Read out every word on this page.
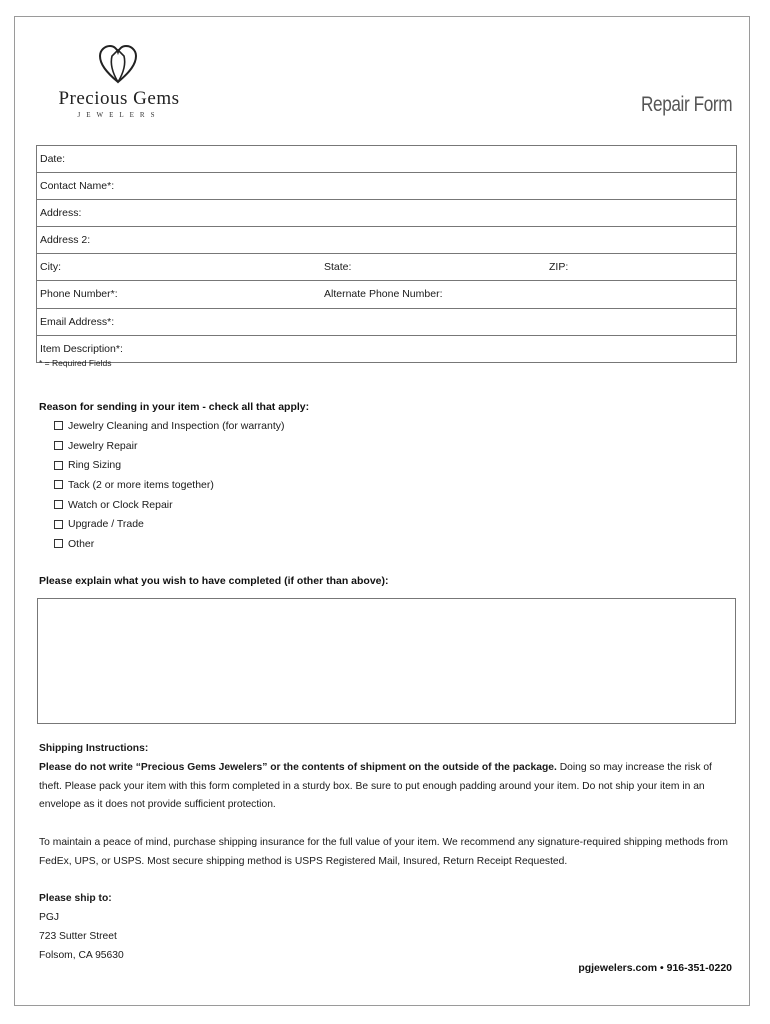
Precious Gems
JEWELERS	Repair Form
Date:
Contact Name*:
Address:
Address 2:
City:	State:	ZIP:
Phone Number*:	Alternate Phone Number:
Email Address*:
Item Description*:
* = Required Fields
Reason for sending in your item - check all that apply:
Jewelry Cleaning and Inspection (for warranty)
Jewelry Repair
Ring Sizing
Tack (2 or more items together)
Watch or Clock Repair
Upgrade / Trade
Other
Please explain what you wish to have completed (if other than above):

Shipping Instructions:

Please do not write “Precious Gems Jewelers” or the contents of shipment on the outside of the package. Doing so may increase the risk of theft. Please pack your item with this form completed in a sturdy box. Be sure to put enough padding around your item. Do not ship your item in an envelope as it does not provide sufficient protection.

To maintain a peace of mind, purchase shipping insurance for the full value of your item. We recommend any signature-required shipping methods from FedEx, UPS, or USPS. Most secure shipping method is USPS Registered Mail, Insured, Return Receipt Requested.

Please ship to:

PGJ

723 Sutter Street

Folsom, CA 95630

pgjewelers.com • 916-351-0220
